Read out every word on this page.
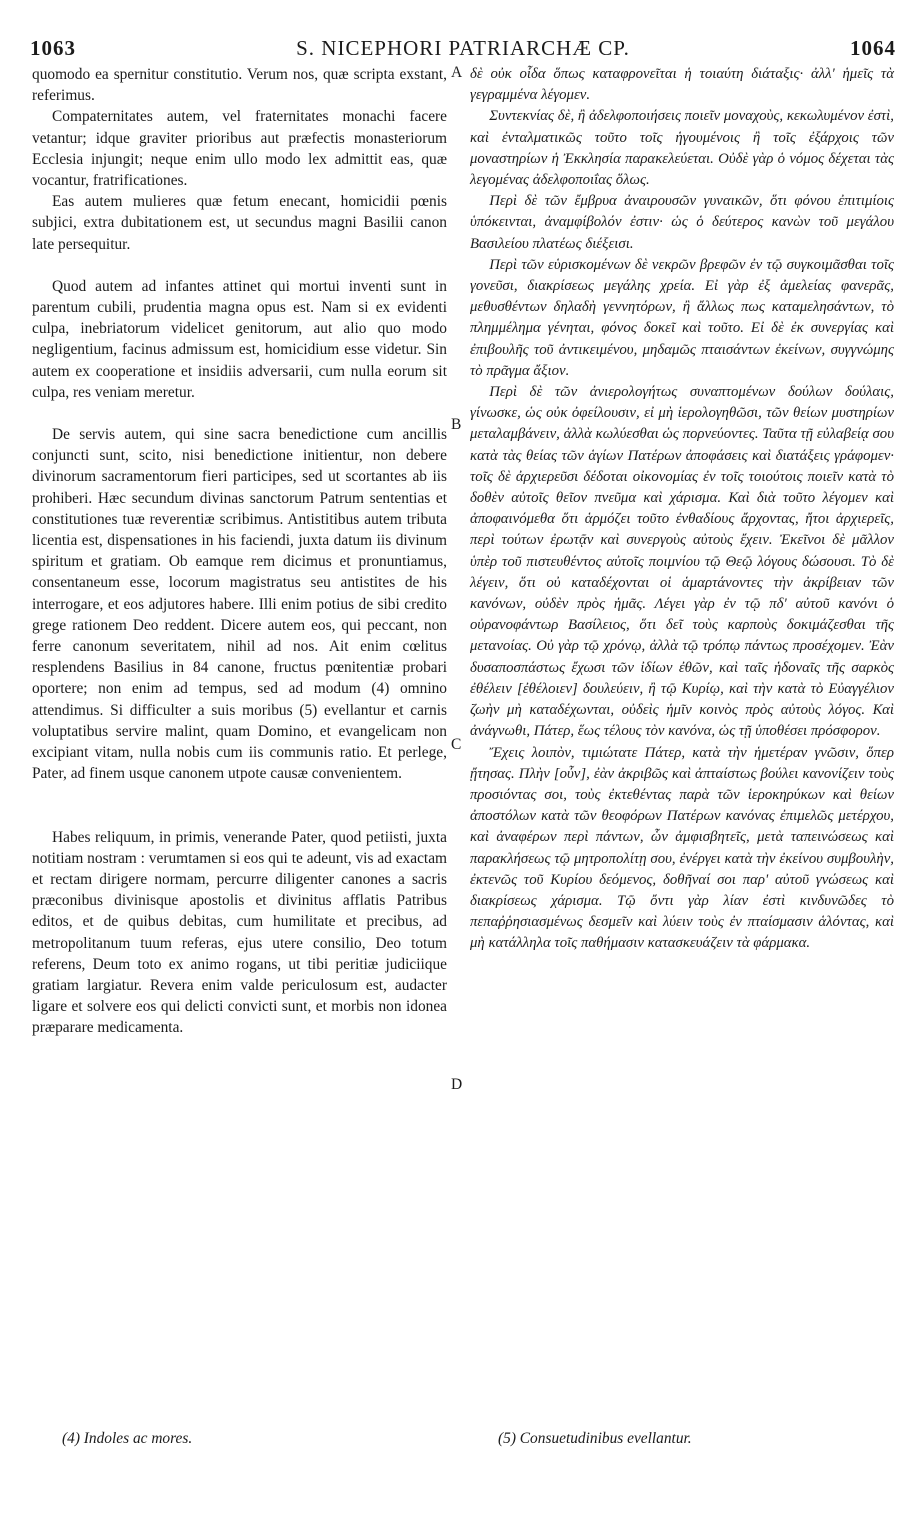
1063	S. NICEPHORI PATRIARCHÆ CP.	1064

quomodo ea spernitur constitutio. Verum nos, quæ scripta exstant, referimus.

Compaternitates autem, vel fraternitates monachi facere vetantur; idque graviter prioribus aut præfectis monasteriorum Ecclesia injungit; neque enim ullo modo lex admittit eas, quæ vocantur, fratrificationes.

Eas autem mulieres quæ fetum enecant, homicidii pœnis subjici, extra dubitationem est, ut secundus magni Basilii canon late persequitur.

Quod autem ad infantes attinet qui mortui inventi sunt in parentum cubili, prudentia magna opus est. Nam si ex evidenti culpa, inebriatorum videlicet genitorum, aut alio quo modo negligentium, facinus admissum est, homicidium esse videtur. Sin autem ex cooperatione et insidiis adversarii, cum nulla eorum sit culpa, res veniam meretur.

De servis autem, qui sine sacra benedictione cum ancillis conjuncti sunt, scito, nisi benedictione initientur, non debere divinorum sacramentorum fieri participes, sed ut scortantes ab iis prohiberi. Hæc secundum divinas sanctorum Patrum sententias et constitutiones tuæ reverentiæ scribimus. Antistitibus autem tributa licentia est, dispensationes in his faciendi, juxta datum iis divinum spiritum et gratiam. Ob eamque rem dicimus et pronuntiamus, consentaneum esse, locorum magistratus seu antistites de his interrogare, et eos adjutores habere. Illi enim potius de sibi credito grege rationem Deo reddent. Dicere autem eos, qui peccant, non ferre canonum severitatem, nihil ad nos. Ait enim cœlitus resplendens Basilius in 84 canone, fructus pœnitentiæ probari oportere; non enim ad tempus, sed ad modum (4) omnino attendimus. Si difficulter a suis moribus (5) evellantur et carnis voluptatibus servire malint, quam Domino, et evangelicam non excipiant vitam, nulla nobis cum iis communis ratio. Et perlege, Pater, ad finem usque canonem utpote causæ convenientem.

Habes reliquum, in primis, venerande Pater, quod petiisti, juxta notitiam nostram : verumtamen si eos qui te adeunt, vis ad exactam et rectam dirigere normam, percurre diligenter canones a sacris præconibus divinisque apostolis et divinitus afflatis Patribus editos, et de quibus debitas, cum humilitate et precibus, ad metropolitanum tuum referas, ejus utere consilio, Deo totum referens, Deum toto ex animo rogans, ut tibi peritiæ judiciique gratiam largiatur. Revera enim valde periculosum est, audacter ligare et solvere eos qui delicti convicti sunt, et morbis non idonea præparare medicamenta.

δὲ οὐκ οἶδα ὅπως καταφρονεῖται ἡ τοιαύτη διάταξις· ἀλλ' ἡμεῖς τὰ γεγραμμένα λέγομεν.

Συντεκνίας δὲ, ἢ ἀδελφοποιήσεις ποιεῖν μοναχοὺς, κεκωλυμένον ἐστὶ, καὶ ἐνταλματικῶς τοῦτο τοῖς ἡγουμένοις ἢ τοῖς ἐξάρχοις τῶν μοναστηρίων ἡ Ἐκκλησία παρακελεύεται. Οὐδὲ γὰρ ὁ νόμος δέχεται τὰς λεγομένας ἀδελφοποιΐας ὅλως.

Περὶ δὲ τῶν ἔμβρυα ἀναιρουσῶν γυναικῶν, ὅτι φόνου ἐπιτιμίοις ὑπόκεινται, ἀναμφίβολόν ἐστιν· ὡς ὁ δεύτερος κανὼν τοῦ μεγάλου Βασιλείου πλατέως διέξεισι.

Περὶ τῶν εὑρισκομένων δὲ νεκρῶν βρεφῶν ἐν τῷ συγκοιμᾶσθαι τοῖς γονεῦσι, διακρίσεως μεγάλης χρεία. Εἰ γὰρ ἐξ ἀμελείας φανερᾶς, μεθυσθέντων δηλαδὴ γεννητόρων, ἢ ἄλλως πως καταμελησάντων, τὸ πλημμέλημα γένηται, φόνος δοκεῖ καὶ τοῦτο. Εἰ δὲ ἐκ συνεργίας καὶ ἐπιβουλῆς τοῦ ἀντικειμένου, μηδαμῶς πταισάντων ἐκείνων, συγγνώμης τὸ πρᾶγμα ἄξιον.

Περὶ δὲ τῶν ἀνιερολογήτως συναπτομένων δούλων δούλαις, γίνωσκε, ὡς οὐκ ὀφείλουσιν, εἰ μὴ ἱερολογηθῶσι, τῶν θείων μυστηρίων μεταλαμβάνειν, ἀλλὰ κωλύεσθαι ὡς πορνεύοντες. Ταῦτα τῇ εὐλαβείᾳ σου κατὰ τὰς θείας τῶν ἁγίων Πατέρων ἀποφάσεις καὶ διατάξεις γράφομεν· τοῖς δὲ ἀρχιερεῦσι δέδοται οἰκονομίας ἐν τοῖς τοιούτοις ποιεῖν κατὰ τὸ δοθὲν αὐτοῖς θεῖον πνεῦμα καὶ χάρισμα. Καὶ διὰ τοῦτο λέγομεν καὶ ἀποφαινόμεθα ὅτι ἁρμόζει τοῦτο ἐνθαδίους ἄρχοντας, ἤτοι ἀρχιερεῖς, περὶ τούτων ἐρωτᾷν καὶ συνεργοὺς αὐτοὺς ἔχειν. Ἐκεῖνοι δὲ μᾶλλον ὑπὲρ τοῦ πιστευθέντος αὐτοῖς ποιμνίου τῷ Θεῷ λόγους δώσουσι. Τὸ δὲ λέγειν, ὅτι οὐ καταδέχονται οἱ ἁμαρτάνοντες τὴν ἀκρίβειαν τῶν κανόνων, οὐδὲν πρὸς ἡμᾶς. Λέγει γὰρ ἐν τῷ πδ' αὐτοῦ κανόνι ὁ οὐρανοφάντωρ Βασίλειος, ὅτι δεῖ τοὺς καρποὺς δοκιμάζεσθαι τῆς μετανοίας. Οὐ γὰρ τῷ χρόνῳ, ἀλλὰ τῷ τρόπῳ πάντως προσέχομεν. Ἐὰν δυσαποσπάστως ἔχωσι τῶν ἰδίων ἐθῶν, καὶ ταῖς ἡδοναῖς τῆς σαρκὸς ἐθέλειν [ἐθέλοιεν] δουλεύειν, ἢ τῷ Κυρίῳ, καὶ τὴν κατὰ τὸ Εὐαγγέλιον ζωὴν μὴ καταδέχωνται, οὐδεὶς ἡμῖν κοινὸς πρὸς αὐτοὺς λόγος. Καὶ ἀνάγνωθι, Πάτερ, ἕως τέλους τὸν κανόνα, ὡς τῇ ὑποθέσει πρόσφορον.

Ἔχεις λοιπὸν, τιμιώτατε Πάτερ, κατὰ τὴν ἡμετέραν γνῶσιν, ὅπερ ᾔτησας. Πλὴν [οὖν], ἐὰν ἀκριβῶς καὶ ἀπταίστως βούλει κανονίζειν τοὺς προσιόντας σοι, τοὺς ἐκτεθέντας παρὰ τῶν ἱεροκηρύκων καὶ θείων ἀποστόλων κατὰ τῶν θεοφόρων Πατέρων κανόνας ἐπιμελῶς μετέρχου, καὶ ἀναφέρων περὶ πάντων, ὧν ἀμφισβητεῖς, μετὰ ταπεινώσεως καὶ παρακλήσεως τῷ μητροπολίτῃ σου, ἐνέργει κατὰ τὴν ἐκείνου συμβουλὴν, ἐκτενῶς τοῦ Κυρίου δεόμενος, δοθῆναί σοι παρ' αὐτοῦ γνώσεως καὶ διακρίσεως χάρισμα. Τῷ ὄντι γὰρ λίαν ἐστὶ κινδυνῶδες τὸ πεπαῤῥησιασμένως δεσμεῖν καὶ λύειν τοὺς ἐν πταίσμασιν ἁλόντας, καὶ μὴ κατάλληλα τοῖς παθήμασιν κατασκευάζειν τὰ φάρμακα.

A
B
C
D
(4) Indoles ac mores.	(5) Consuetudinibus evellantur.
